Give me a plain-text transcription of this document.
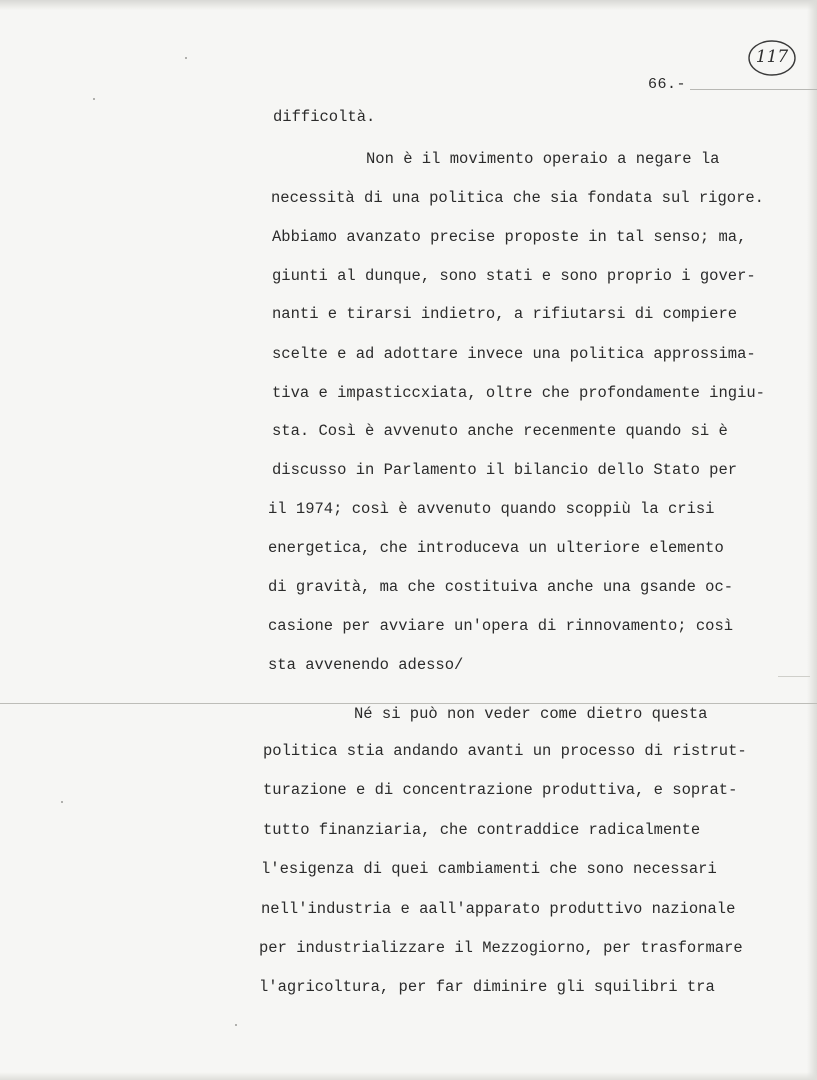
66.-
117
difficoltà.
Non è il movimento operaio a negare la
necessità di una politica che sia fondata sul rigore.
Abbiamo avanzato precise proposte in tal senso; ma,
giunti al dunque, sono stati e sono proprio i gover-
nanti e tirarsi indietro, a rifiutarsi di compiere
scelte e ad adottare invece una politica approssima-
tiva e impasticcxiata, oltre che profondamente ingiu-
sta. Così è avvenuto anche recenmente quando si è
discusso in Parlamento il bilancio dello Stato per
il 1974; così è avvenuto quando scoppiù la crisi
energetica, che introduceva un ulteriore elemento
di gravità, ma che costituiva anche una gsande oc-
casione per avviare un'opera di rinnovamento; così
sta avvenendo adesso/
Né si può non veder come dietro questa
politica stia andando avanti un processo di ristrut-
turazione e di concentrazione produttiva, e soprat-
tutto finanziaria, che contraddice radicalmente
l'esigenza di quei cambiamenti che sono necessari
nell'industria e aall'apparato produttivo nazionale
per industrializzare il Mezzogiorno, per trasformare
l'agricoltura, per far diminire gli squilibri tra
